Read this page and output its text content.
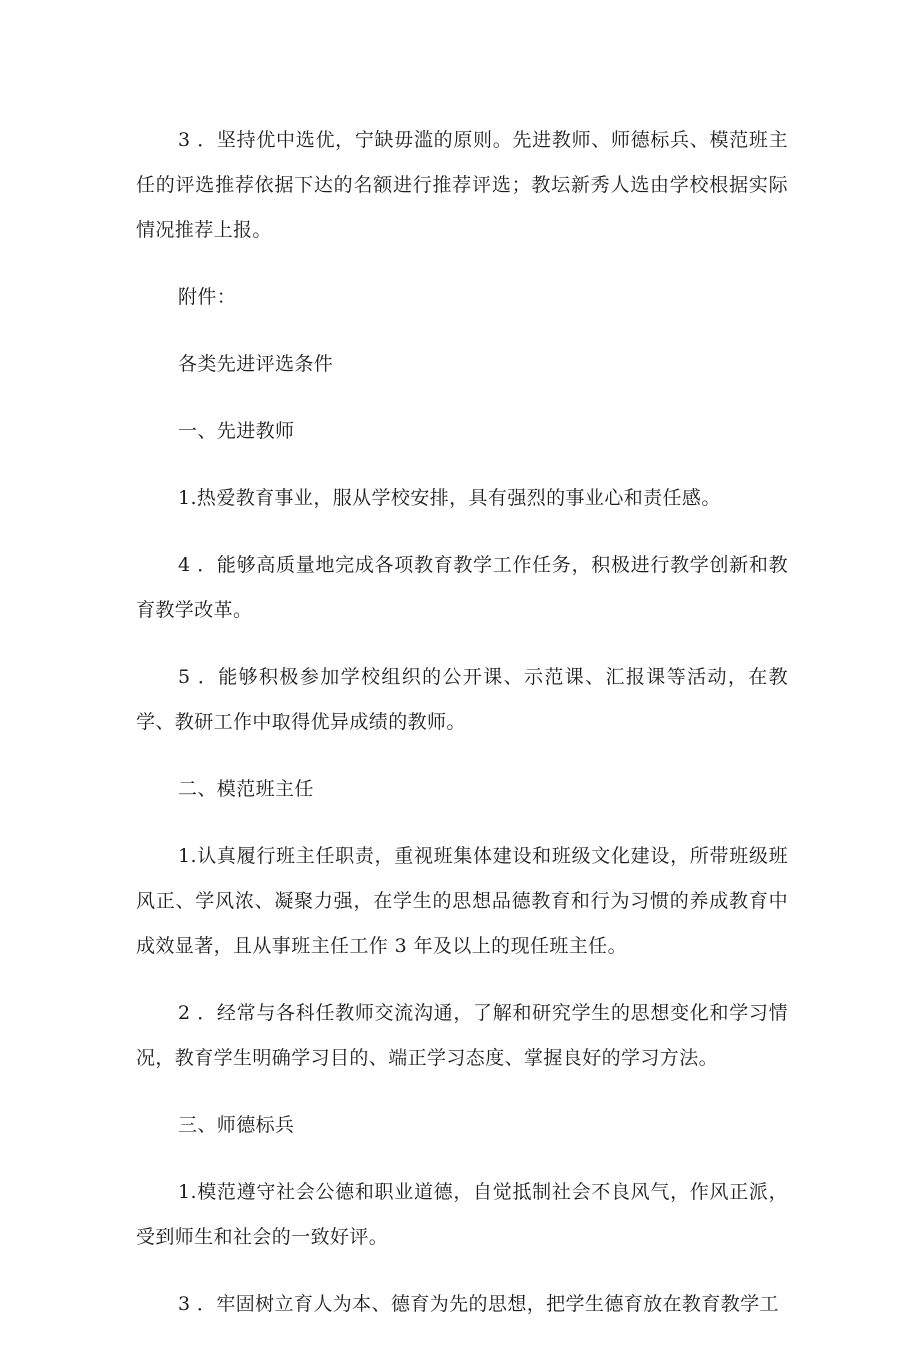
3 ．坚持优中选优，宁缺毋滥的原则。先进教师、师德标兵、模范班主任的评选推荐依据下达的名额进行推荐评选；教坛新秀人选由学校根据实际情况推荐上报。

附件：

各类先进评选条件

一、先进教师

1.热爱教育事业，服从学校安排，具有强烈的事业心和责任感。

4 ．能够高质量地完成各项教育教学工作任务，积极进行教学创新和教育教学改革。

5 ．能够积极参加学校组织的公开课、示范课、汇报课等活动，在教学、教研工作中取得优异成绩的教师。

二、模范班主任

1.认真履行班主任职责，重视班集体建设和班级文化建设，所带班级班风正、学风浓、凝聚力强，在学生的思想品德教育和行为习惯的养成教育中成效显著，且从事班主任工作 3 年及以上的现任班主任。

2 ．经常与各科任教师交流沟通，了解和研究学生的思想变化和学习情况，教育学生明确学习目的、端正学习态度、掌握良好的学习方法。

三、师德标兵

1.模范遵守社会公德和职业道德，自觉抵制社会不良风气，作风正派，受到师生和社会的一致好评。

3 ．牢固树立育人为本、德育为先的思想，把学生德育放在教育教学工
